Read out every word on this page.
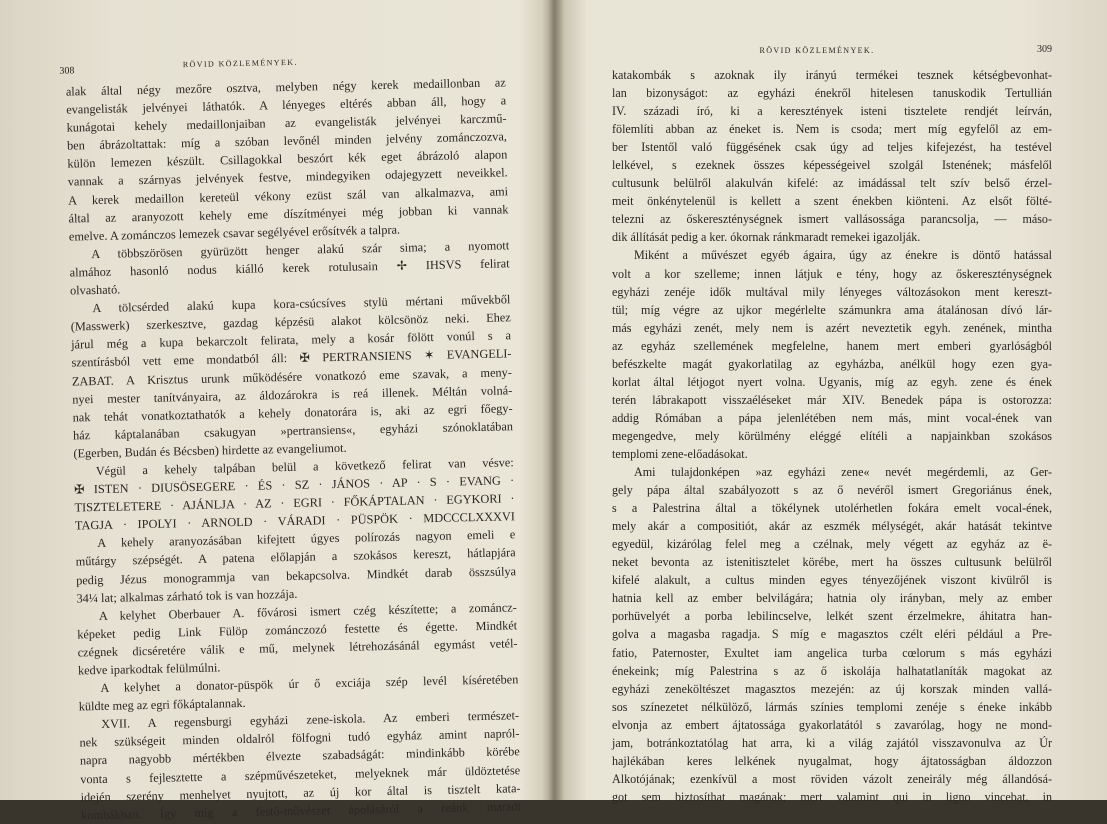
308
RÖVID KÖZLEMÉNYEK.
alak által négy mezőre osztva, melyben négy kerek medaillonban az
evangelisták jelvényei láthatók. A lényeges eltérés abban áll, hogy a
kunágotai kehely medaillonjaiban az evangelisták jelvényei karczmű-
ben ábrázoltattak: míg a szóban levőnél minden jelvény zománczozva,
külön lemezen készült. Csillagokkal beszórt kék eget ábrázoló alapon
vannak a szárnyas jelvények festve, mindegyiken odajegyzett neveikkel.
A kerek medaillon kereteül vékony ezüst szál van alkalmazva, ami
által az aranyozott kehely eme díszítményei még jobban ki vannak
emelve. A zománczos lemezek csavar segélyével erősítvék a talpra.
A többszörösen gyürüzött henger alakú szár sima; a nyomott
almához hasonló nodus kiálló kerek rotulusain ✢ IHSVS felirat
olvasható.
A tölcsérded alakú kupa kora-csúcsíves stylü mértani művekből
(Masswerk) szerkesztve, gazdag képzésü alakot kölcsönöz neki. Ehez
járul még a kupa bekarczolt felirata, mely a kosár fölött vonúl s a
szentírásból vett eme mondatból áll: ✠ PERTRANSIENS ✶ EVANGELI-
ZABAT. A Krisztus urunk működésére vonatkozó eme szavak, a meny-
nyei mester tanítványaira, az áldozárokra is reá illenek. Méltán volná-
nak tehát vonatkoztathatók a kehely donatorára is, aki az egri főegy-
ház káptalanában csakugyan »pertransiens«, egyházi szónoklatában
(Egerben, Budán és Bécsben) hirdette az evangeliumot.
Végül a kehely talpában belül a következő felirat van vésve:
✠ ISTEN · DIUSÖSEGERE · ÉS · SZ · JÁNOS · AP · S · EVANG ·
TISZTELETERE · AJÁNLJA · AZ · EGRI · FŐKÁPTALAN · EGYKORI ·
TAGJA · IPOLYI · ARNOLD · VÁRADI · PÜSPÖK · MDCCCLXXXVI
A kehely aranyozásában kifejtett úgyes polírozás nagyon emeli e
műtárgy szépségét. A patena előlapján a szokásos kereszt, hátlapjára
pedig Jézus monogrammja van bekapcsolva. Mindkét darab összsúlya
34¼ lat; alkalmas zárható tok is van hozzája.
A kelyhet Oberbauer A. fővárosi ismert czég készítette; a zománcz-
képeket pedig Link Fülöp zománczozó festette és égette. Mindkét
czégnek dicséretére válik e mű, melynek létrehozásánál egymást vetél-
kedve iparkodtak felülmúlni.
A kelyhet a donator-püspök úr ő exciája szép levél kíséretében
küldte meg az egri főkáptalannak.
XVII. A regensburgi egyházi zene-iskola. Az emberi természet-
nek szükségeit minden oldalról fölfogni tudó egyház amint napról-
napra nagyobb mértékben élvezte szabadságát: mindinkább körébe
vonta s fejlesztette a szépművészeteket, melyeknek már üldöztetése
idején szerény menhelyet nyujtott, az új kor által is tisztelt kata-
kombákban. Így míg a festő-művészet ápolásáról a reánk maradt
RÖVID KÖZLEMÉNYEK.	309
katakombák s azoknak ily irányú termékei tesznek kétségbevonhat-
lan bizonyságot: az egyházi énekről hitelesen tanuskodik Tertullián
IV. századi író, ki a keresztények isteni tisztelete rendjét leírván,
fölemlíti abban az éneket is. Nem is csoda; mert míg egyfelől az em-
ber Istentől való függésének csak úgy ad teljes kifejezést, ha testével
lelkével, s ezeknek összes képességeivel szolgál Istenének; másfelől
cultusunk belülről alakulván kifelé: az imádással telt szív belső érzel-
meit önkénytelenül is kellett a szent énekben kiönteni. Az elsőt fölté-
telezni az őskereszténységnek ismert vallásossága parancsolja, — máso-
dik állítását pedig a ker. ókornak ránkmaradt remekei igazolják.
Miként a művészet egyéb ágaira, úgy az énekre is döntő hatással
volt a kor szelleme; innen látjuk e tény, hogy az őskereszténységnek
egyházi zenéje idők multával mily lényeges változásokon ment kereszt-
tül; míg végre az ujkor megérlelte számunkra ama átalánosan dívó lár-
más egyházi zenét, mely nem is azért neveztetik egyh. zenének, mintha
az egyház szellemének megfelelne, hanem mert emberi gyarlóságból
befészkelte magát gyakorlatilag az egyházba, anélkül hogy ezen gya-
korlat által létjogot nyert volna. Ugyanis, míg az egyh. zene és ének
terén lábrakapott visszaéléseket már XIV. Benedek pápa is ostorozza:
addig Rómában a pápa jelenlétében nem más, mint vocal-ének van
megengedve, mely körülmény eléggé elítéli a napjainkban szokásos
templomi zene-előadásokat.
Ami tulajdonképen »az egyházi zene« nevét megérdemli, az Ger-
gely pápa által szabályozott s az ő nevéről ismert Gregoriánus ének,
s a Palestrina által a tökélynek utolérhetlen fokára emelt vocal-ének,
mely akár a compositiót, akár az eszmék mélységét, akár hatását tekintve
egyedül, kizárólag felel meg a czélnak, mely végett az egyház az ë-
neket bevonta az istenitisztelet körébe, mert ha összes cultusunk belülről
kifelé alakult, a cultus minden egyes tényezőjének viszont kivülről is
hatnia kell az ember belvilágára; hatnia oly irányban, mely az ember
porhüvelyét a porba lebilincselve, lelkét szent érzelmekre, áhitatra han-
golva a magasba ragadja. S míg e magasztos czélt eléri például a Pre-
fatio, Paternoster, Exultet iam angelica turba cœlorum s más egyházi
énekeink; míg Palestrina s az ő iskolája halhatatlaníták magokat az
egyházi zeneköltészet magasztos mezején: az új korszak minden vallá-
sos színezetet nélkülöző, lármás színies templomi zenéje s éneke inkább
elvonja az embert ájtatossága gyakorlatától s zavarólag, hogy ne mond-
jam, botránkoztatólag hat arra, ki a világ zajától visszavonulva az Úr
hajlékában keres lelkének nyugalmat, hogy ájtatosságban áldozzon
Alkotójának; ezenkívül a most röviden vázolt zeneirály még állandósá-
got sem biztosíthat magának; mert valamint qui in ligno vincebat, in
